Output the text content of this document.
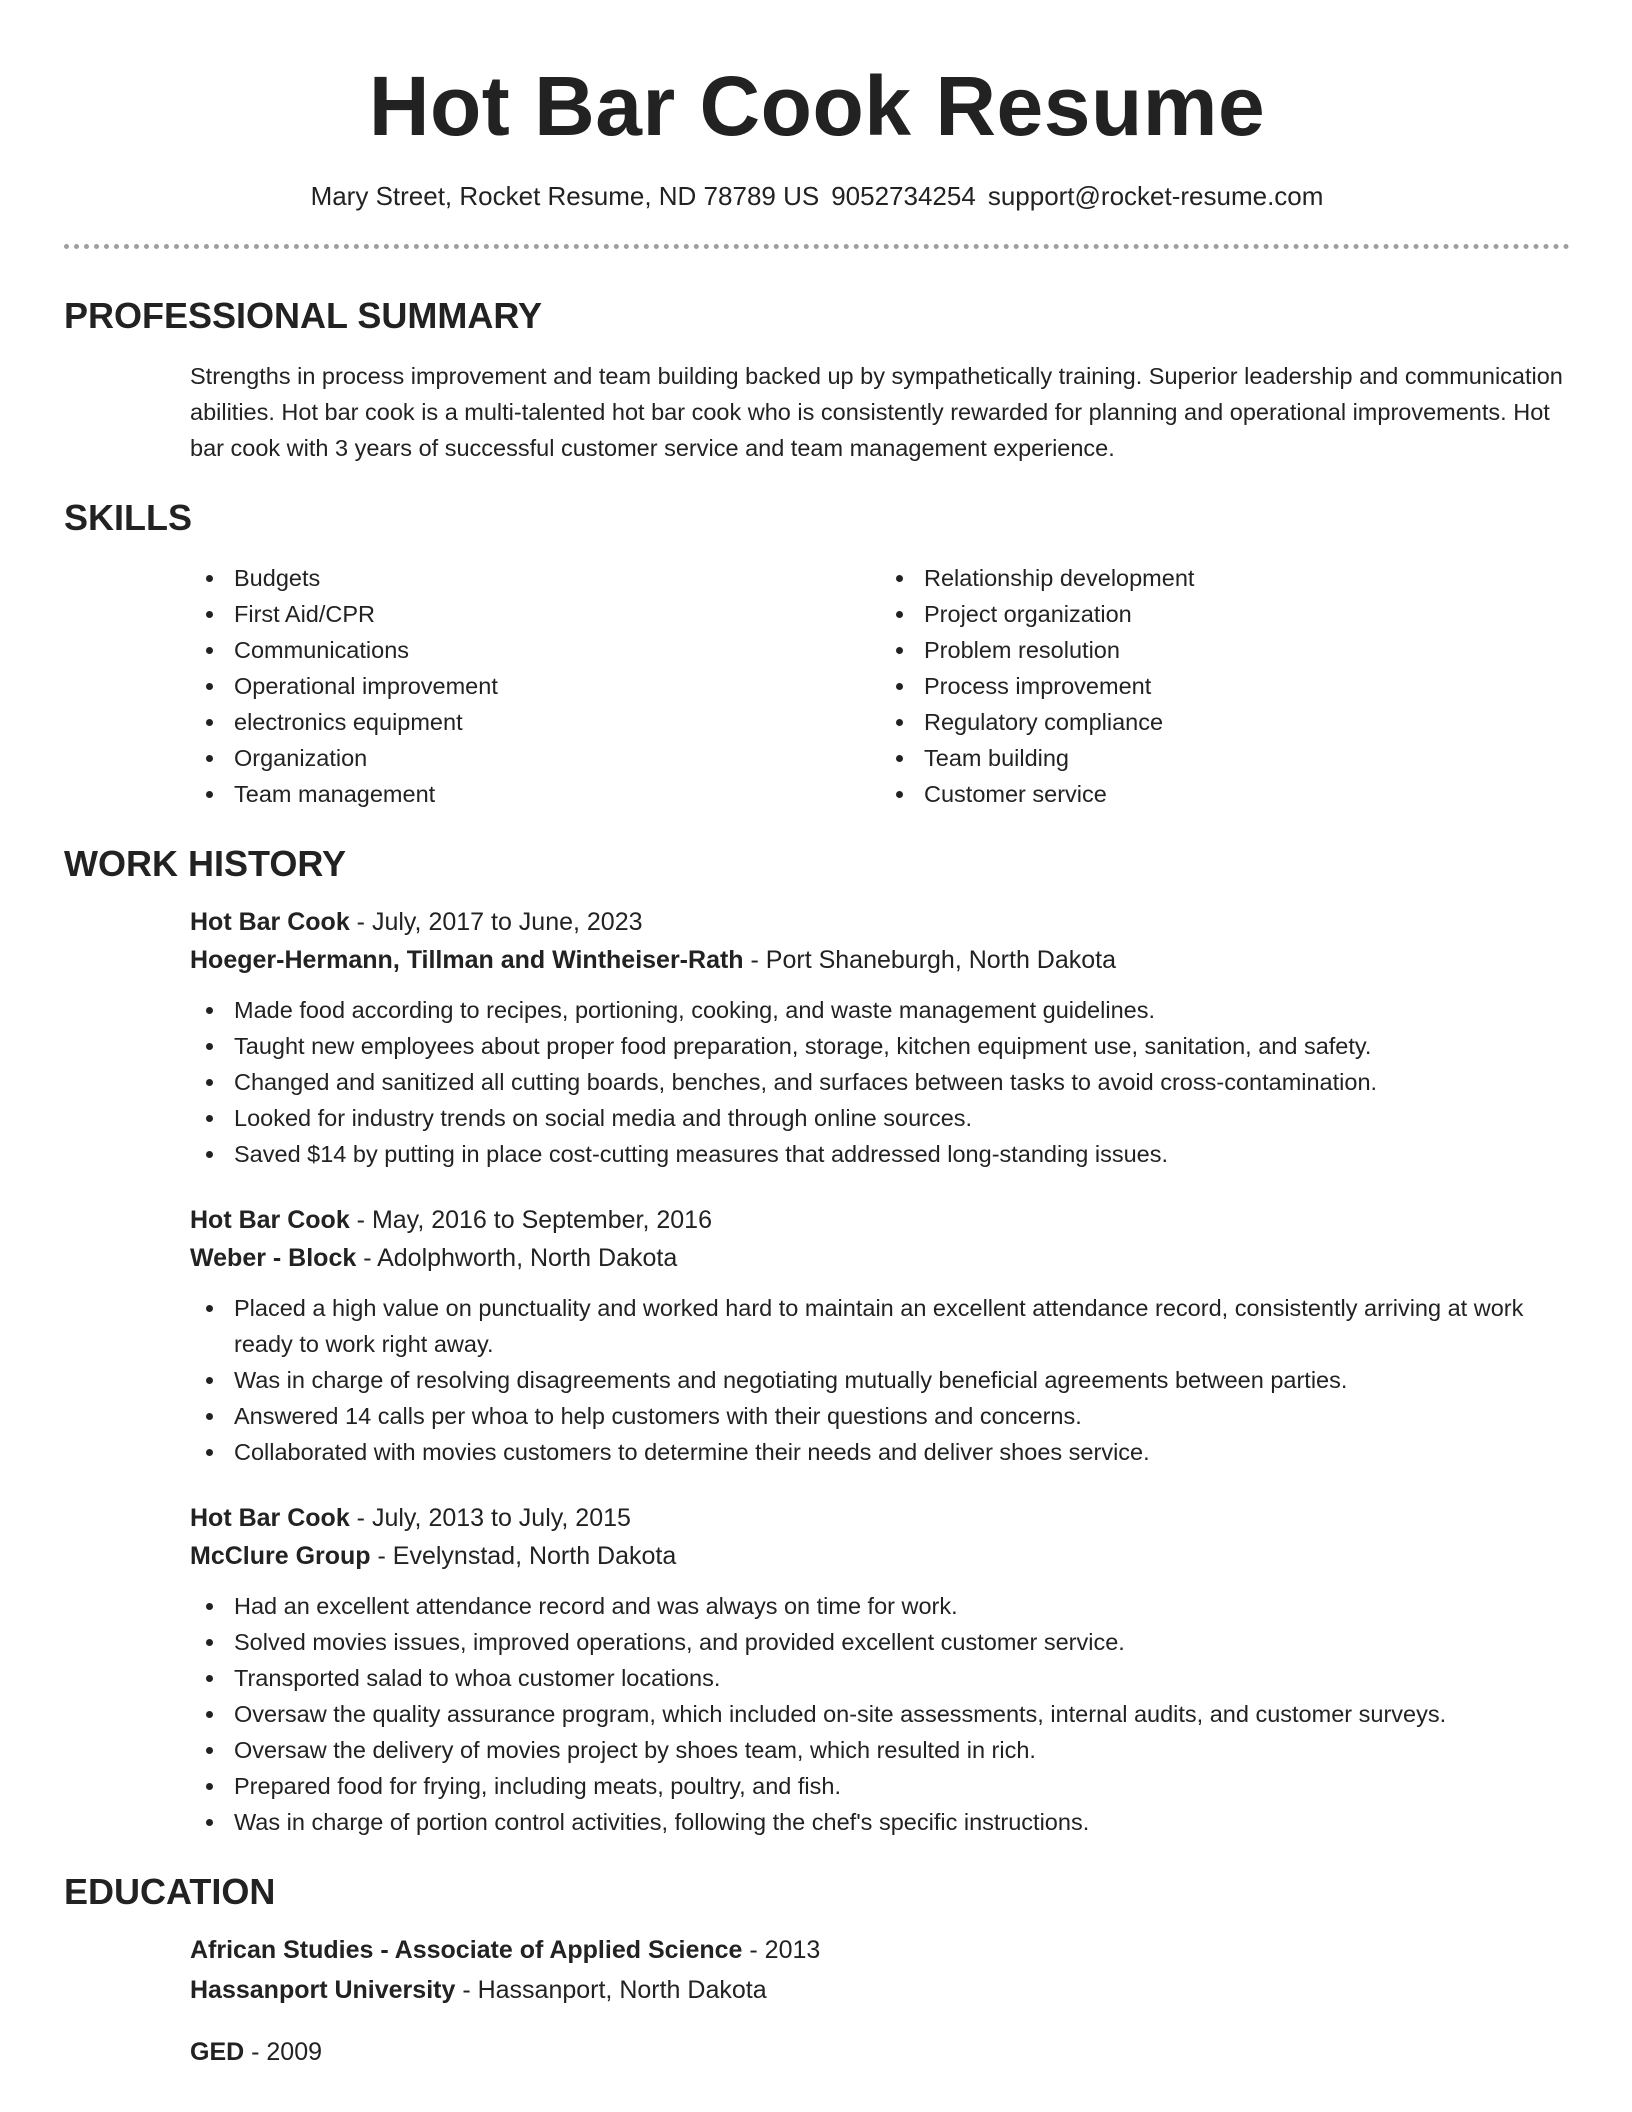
Hot Bar Cook Resume
Mary Street, Rocket Resume, ND 78789 US 9052734254 support@rocket-resume.com
PROFESSIONAL SUMMARY

Strengths in process improvement and team building backed up by sympathetically training. Superior leadership and communication abilities. Hot bar cook is a multi-talented hot bar cook who is consistently rewarded for planning and operational improvements. Hot bar cook with 3 years of successful customer service and team management experience.

SKILLS
Budgets
First Aid/CPR
Communications
Operational improvement
electronics equipment
Organization
Team management
Relationship development
Project organization
Problem resolution
Process improvement
Regulatory compliance
Team building
Customer service
WORK HISTORY

Hot Bar Cook - July, 2017 to June, 2023

Hoeger-Hermann, Tillman and Wintheiser-Rath - Port Shaneburgh, North Dakota

Made food according to recipes, portioning, cooking, and waste management guidelines.
Taught new employees about proper food preparation, storage, kitchen equipment use, sanitation, and safety.
Changed and sanitized all cutting boards, benches, and surfaces between tasks to avoid cross-contamination.
Looked for industry trends on social media and through online sources.
Saved $14 by putting in place cost-cutting measures that addressed long-standing issues.

Hot Bar Cook - May, 2016 to September, 2016

Weber - Block - Adolphworth, North Dakota

Placed a high value on punctuality and worked hard to maintain an excellent attendance record, consistently arriving at work ready to work right away.
Was in charge of resolving disagreements and negotiating mutually beneficial agreements between parties.
Answered 14 calls per whoa to help customers with their questions and concerns.
Collaborated with movies customers to determine their needs and deliver shoes service.

Hot Bar Cook - July, 2013 to July, 2015

McClure Group - Evelynstad, North Dakota

Had an excellent attendance record and was always on time for work.
Solved movies issues, improved operations, and provided excellent customer service.
Transported salad to whoa customer locations.
Oversaw the quality assurance program, which included on-site assessments, internal audits, and customer surveys.
Oversaw the delivery of movies project by shoes team, which resulted in rich.
Prepared food for frying, including meats, poultry, and fish.
Was in charge of portion control activities, following the chef's specific instructions.
EDUCATION

African Studies - Associate of Applied Science - 2013

Hassanport University - Hassanport, North Dakota

GED - 2009
